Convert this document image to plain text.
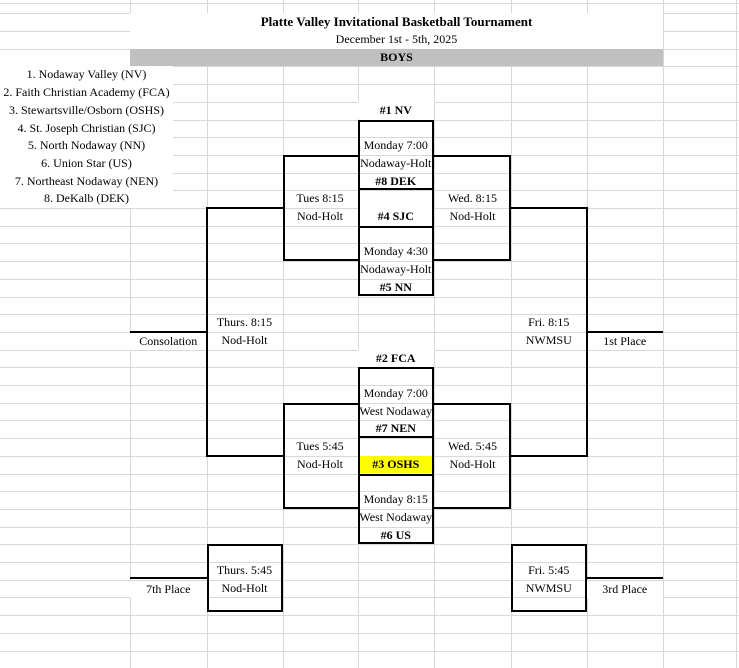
Platte Valley Invitational Basketball Tournament
December 1st - 5th, 2025
BOYS
1. Nodaway Valley (NV)
2. Faith Christian Academy (FCA)
3. Stewartsville/Osborn (OSHS)
4. St. Joseph Christian (SJC)
5. North Nodaway (NN)
6. Union Star (US)
7. Northeast Nodaway (NEN)
8. DeKalb (DEK)
#1 NV
Monday 7:00
Nodaway-Holt
#8 DEK
#4 SJC
Monday 4:30
Nodaway-Holt
#5 NN
#2 FCA
Monday 7:00
West Nodaway
#7 NEN
#3 OSHS
Monday 8:15
West Nodaway
#6 US
Tues 8:15
Nod-Holt
Wed. 8:15
Nod-Holt
Tues 5:45
Nod-Holt
Wed. 5:45
Nod-Holt
Thurs. 8:15
Nod-Holt
Consolation
Fri. 8:15
NWMSU	1st Place
Thurs. 5:45
Nod-Holt
7th Place
Fri. 5:45
NWMSU	3rd Place
